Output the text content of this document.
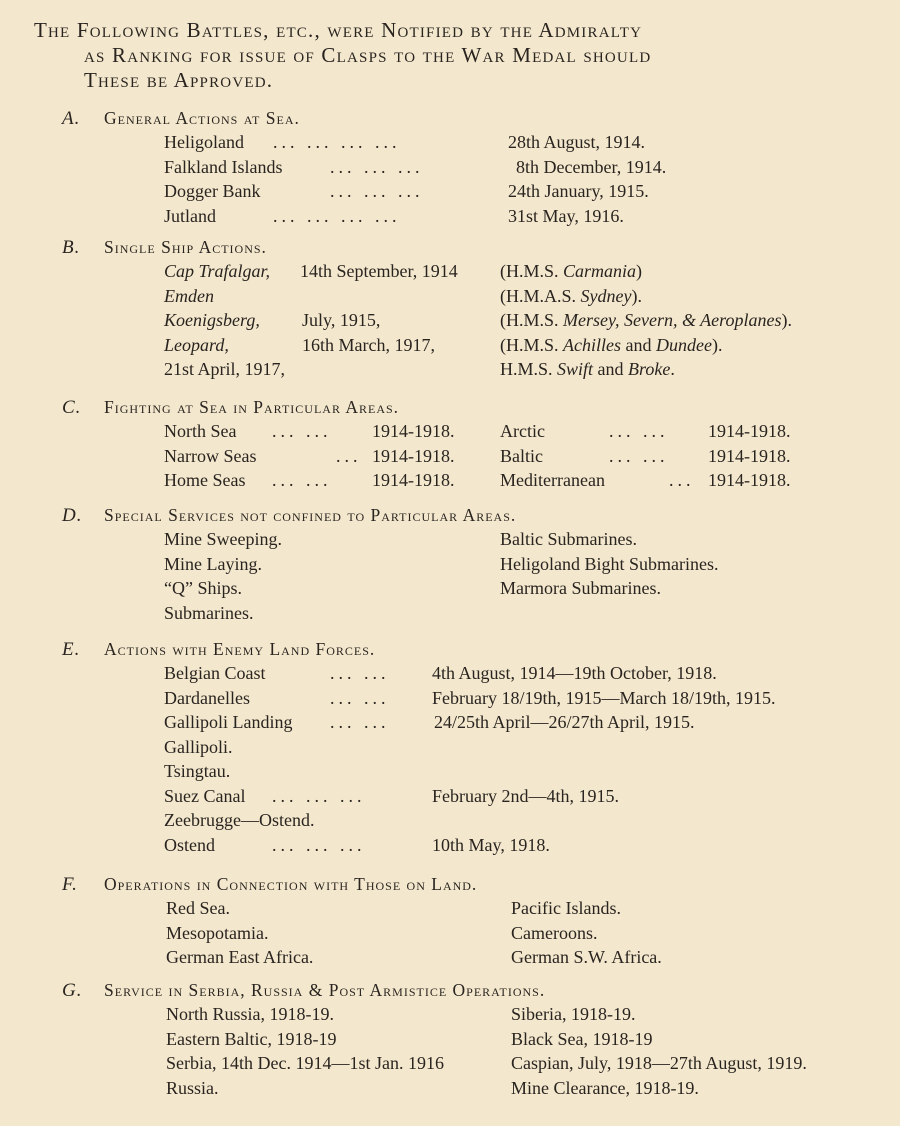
The Following Battles, etc., were Notified by the Admiralty
as Ranking for issue of Clasps to the War Medal should
These be Approved.
A. General Actions at Sea.
Heligoland ... ... ... ...	28th August, 1914.
Falkland Islands	... ... ...	8th December, 1914.
Dogger Bank	... ... ...	24th January, 1915.
Jutland	... ... ... ...	31st May, 1916.
B. Single Ship Actions.
Cap Trafalgar, 14th September, 1914 (H.M.S. Carmania)
Emden	(H.M.A.S. Sydney).
Koenigsberg, July, 1915,	(H.M.S. Mersey, Severn, & Aeroplanes).
Leopard,	16th March, 1917,	(H.M.S. Achilles and Dundee).
21st April, 1917,	H.M.S. Swift and Broke.
C. Fighting at Sea in Particular Areas.
North Sea ... ... 1914-1918.	Arctic	... ... 1914-1918.
Narrow Seas	... 1914-1918.	Baltic	... ... 1914-1918.
Home Seas ... ... 1914-1918.	Mediterranean	... 1914-1918.
D. Special Services not confined to Particular Areas.
Mine Sweeping.	Baltic Submarines.
Mine Laying.	Heligoland Bight Submarines.
“Q” Ships.	Marmora Submarines.
Submarines.
E. Actions with Enemy Land Forces.
Belgian Coast	... ... 4th August, 1914—19th October, 1918.
Dardanelles	... ... February 18/19th, 1915—March 18/19th, 1915.
Gallipoli Landing ... ... 24/25th April—26/27th April, 1915.
Gallipoli.
Tsingtau.
Suez Canal ... ... ...	February 2nd—4th, 1915.
Zeebrugge—Ostend.
Ostend	... ... ...	10th May, 1918.
F. Operations in Connection with Those on Land.
Red Sea.	Pacific Islands.
Mesopotamia.	Cameroons.
German East Africa.	German S.W. Africa.
G. Service in Serbia, Russia & Post Armistice Operations.
North Russia, 1918-19.	Siberia, 1918-19.
Eastern Baltic, 1918-19	Black Sea, 1918-19
Serbia, 14th Dec. 1914—1st Jan. 1916	Caspian, July, 1918—27th August, 1919.
Russia.	Mine Clearance, 1918-19.
